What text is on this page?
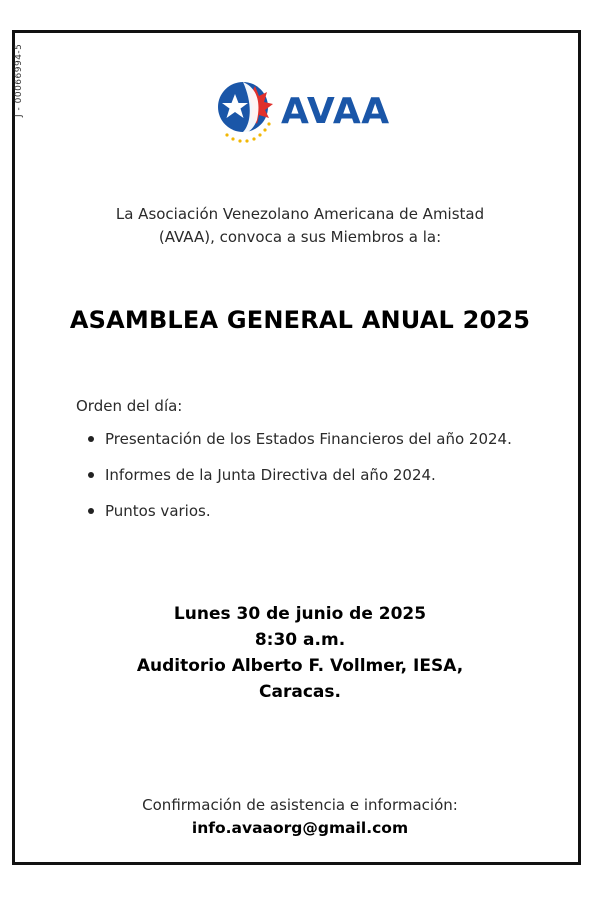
J - 00066994-5	AVAA
La Asociación Venezolano Americana de Amistad
(AVAA), convoca a sus Miembros a la:
ASAMBLEA GENERAL ANUAL 2025
Orden del día:
Presentación de los Estados Financieros del año 2024.
Informes de la Junta Directiva del año 2024.
Puntos varios.
Lunes 30 de junio de 2025
8:30 a.m.
Auditorio Alberto F. Vollmer, IESA,
Caracas.
Confirmación de asistencia e información:
info.avaaorg@gmail.com
